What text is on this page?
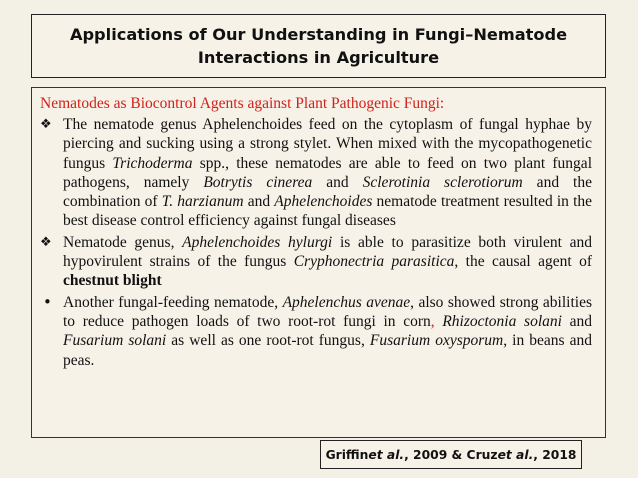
Applications of Our Understanding in Fungi–Nematode Interactions in Agriculture

Nematodes as Biocontrol Agents against Plant Pathogenic Fungi:

❖ The nematode genus Aphelenchoides feed on the cytoplasm of fungal hyphae by piercing and sucking using a strong stylet. When mixed with the mycopathogenetic fungus Trichoderma spp., these nematodes are able to feed on two plant fungal pathogens, namely Botrytis cinerea and Sclerotinia sclerotiorum and the combination of T. harzianum and Aphelenchoides nematode treatment resulted in the best disease control efficiency against fungal diseases
❖ Nematode genus, Aphelenchoides hylurgi is able to parasitize both virulent and hypovirulent strains of the fungus Cryphonectria parasitica, the causal agent of chestnut blight
• Another fungal-feeding nematode, Aphelenchus avenae, also showed strong abilities to reduce pathogen loads of two root-rot fungi in corn, Rhizoctonia solani and Fusarium solani as well as one root-rot fungus, Fusarium oxysporum, in beans and peas.
Griffin et al. , 2009 & Cruz et al. , 2018
